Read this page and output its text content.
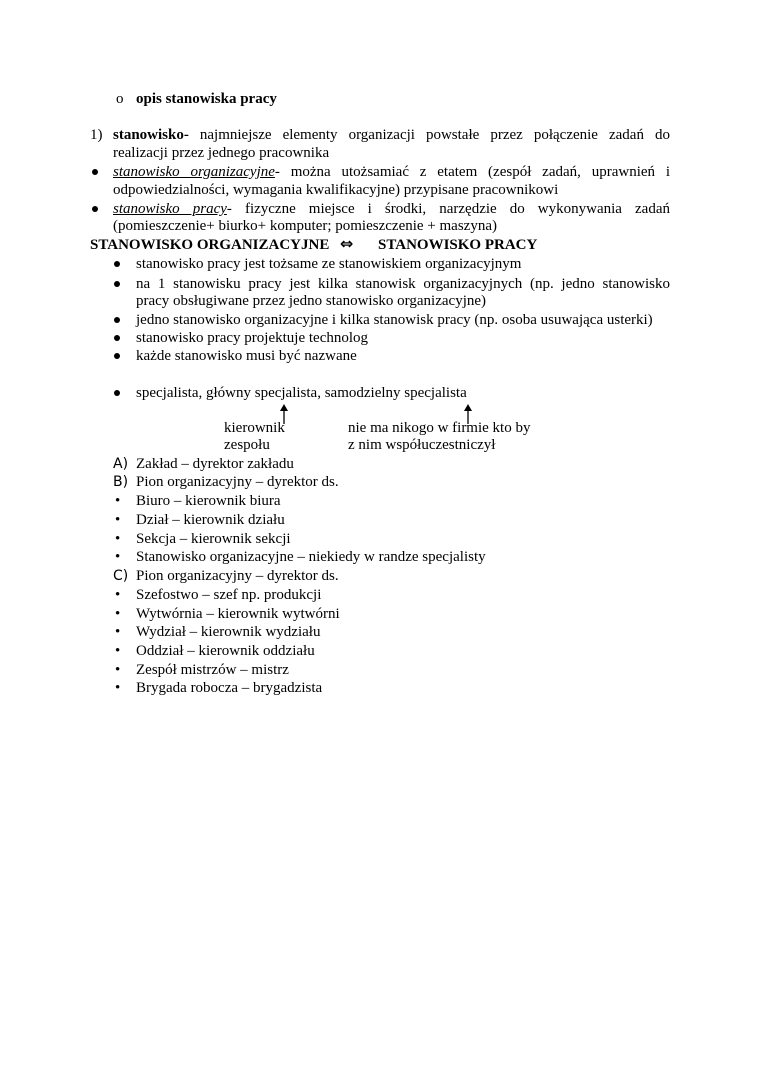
o opis stanowiska pracy
1) stanowisko- najmniejsze elementy organizacji powstałe przez połączenie zadań do
realizacji przez jednego pracownika
stanowisko organizacyjne- można utożsamiać z etatem (zespół zadań, uprawnień i
odpowiedzialności, wymagania kwalifikacyjne) przypisane pracownikowi
stanowisko pracy- fizyczne miejsce i środki, narzędzie do wykonywania zadań
(pomieszczenie+ biurko+ komputer; pomieszczenie + maszyna)
STANOWISKO ORGANIZACYJNE ⇔ STANOWISKO PRACY
stanowisko pracy jest tożsame ze stanowiskiem organizacyjnym
na 1 stanowisku pracy jest kilka stanowisk organizacyjnych (np. jedno stanowisko
pracy obsługiwane przez jedno stanowisko organizacyjne)
jedno stanowisko organizacyjne i kilka stanowisk pracy (np. osoba usuwająca usterki)
stanowisko pracy projektuje technolog
każde stanowisko musi być nazwane
specjalista, główny specjalista, samodzielny specjalista
kierownik
zespołu
nie ma nikogo w firmie kto by
z nim współuczestniczył
A) Zakład – dyrektor zakładu
B) Pion organizacyjny – dyrektor ds.
• Biuro – kierownik biura
• Dział – kierownik działu
• Sekcja – kierownik sekcji
• Stanowisko organizacyjne – niekiedy w randze specjalisty
C) Pion organizacyjny – dyrektor ds.
• Szefostwo – szef np. produkcji
• Wytwórnia – kierownik wytwórni
• Wydział – kierownik wydziału
• Oddział – kierownik oddziału
• Zespół mistrzów – mistrz
• Brygada robocza – brygadzista
